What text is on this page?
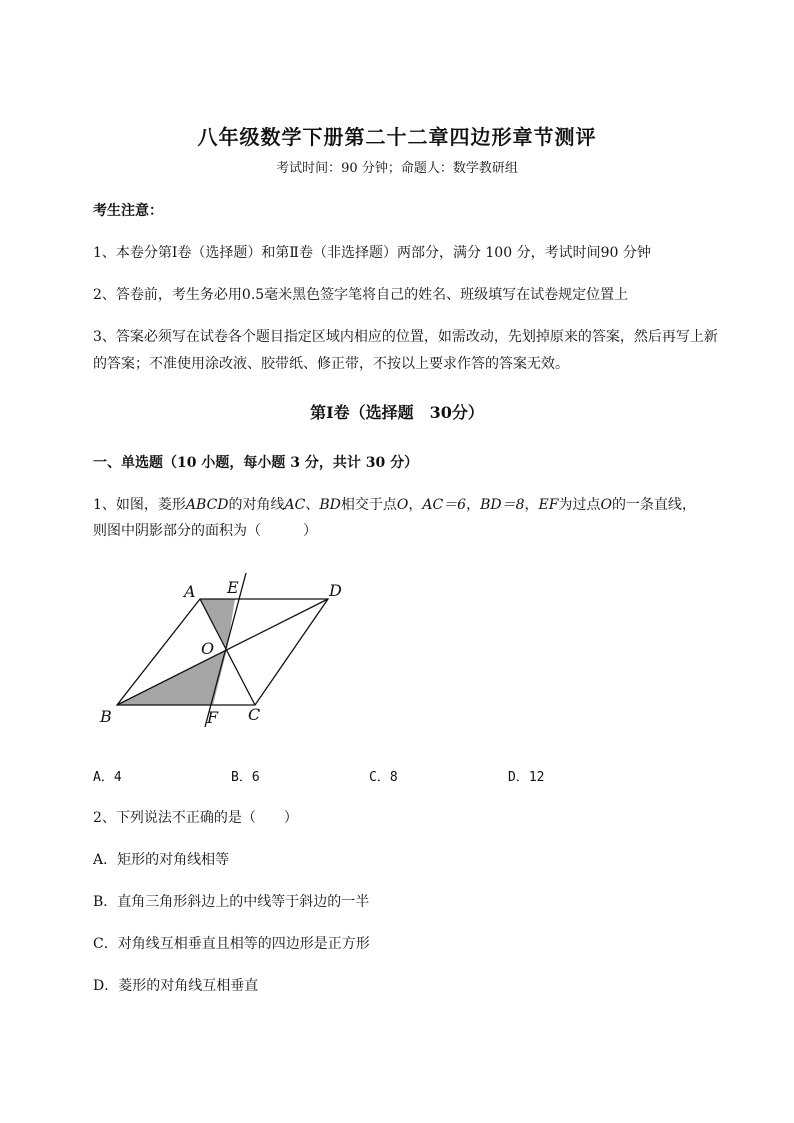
八年级数学下册第二十二章四边形章节测评
考试时间：90 分钟；命题人：数学教研组
考生注意：
1、本卷分第Ⅰ卷（选择题）和第Ⅱ卷（非选择题）两部分，满分 100 分，考试时间90 分钟
2、答卷前，考生务必用0.5毫米黑色签字笔将自己的姓名、班级填写在试卷规定位置上
3、答案必须写在试卷各个题目指定区域内相应的位置，如需改动，先划掉原来的答案，然后再写上新
的答案；不准使用涂改液、胶带纸、修正带，不按以上要求作答的答案无效。
第Ⅰ卷（选择题　30分）
一、单选题（10 小题，每小题 3 分，共计 30 分）
1、如图，菱形ABCD的对角线AC、BD相交于点O，AC＝6，BD＝8，EF为过点O的一条直线，
则图中阴影部分的面积为（　　　）
A E	D
O
B	F C
A．4	B．6	C．8	D．12
2、下列说法不正确的是（　　）
A．矩形的对角线相等
B．直角三角形斜边上的中线等于斜边的一半
C．对角线互相垂直且相等的四边形是正方形
D．菱形的对角线互相垂直
